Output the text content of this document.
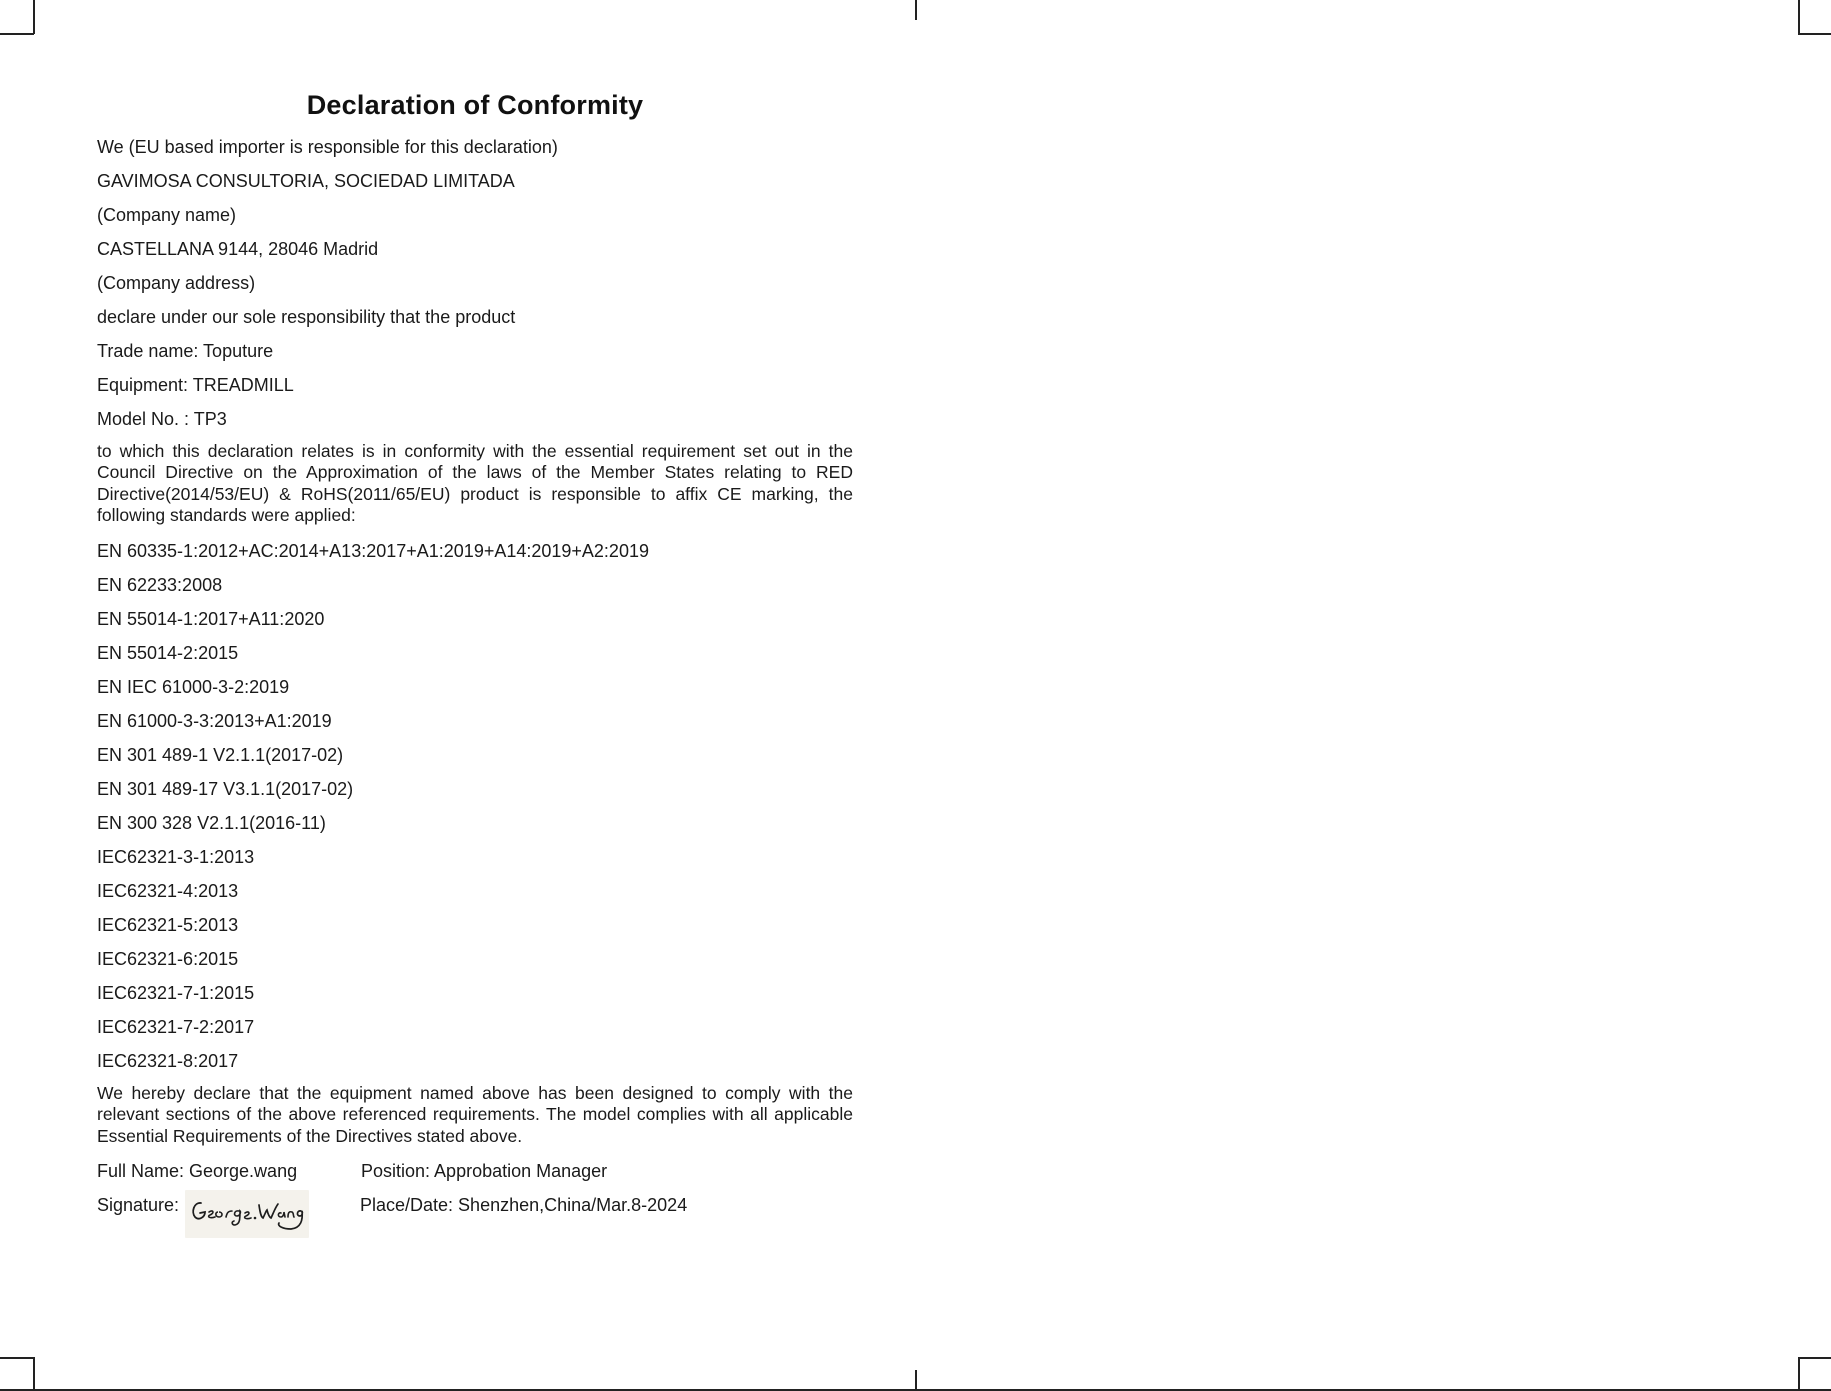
Declaration of Conformity

We (EU based importer is responsible for this declaration)

GAVIMOSA CONSULTORIA, SOCIEDAD LIMITADA

(Company name)

CASTELLANA 9144, 28046 Madrid

(Company address)

declare under our sole responsibility that the product

Trade name: Toputure

Equipment: TREADMILL

Model No. : TP3

to which this declaration relates is in conformity with the essential requirement set out in the Council Directive on the Approximation of the laws of the Member States relating to RED Directive(2014/53/EU) & RoHS(2011/65/EU) product is responsible to affix CE marking, the following standards were applied:

EN 60335-1:2012+AC:2014+A13:2017+A1:2019+A14:2019+A2:2019

EN 62233:2008

EN 55014-1:2017+A11:2020

EN 55014-2:2015

EN IEC 61000-3-2:2019

EN 61000-3-3:2013+A1:2019

EN 301 489-1 V2.1.1(2017-02)

EN 301 489-17 V3.1.1(2017-02)

EN 300 328 V2.1.1(2016-11)

IEC62321-3-1:2013

IEC62321-4:2013

IEC62321-5:2013

IEC62321-6:2015

IEC62321-7-1:2015

IEC62321-7-2:2017

IEC62321-8:2017

We hereby declare that the equipment named above has been designed to comply with the relevant sections of the above referenced requirements. The model complies with all applicable Essential Requirements of the Directives stated above.

Full Name: George.wang	Position: Approbation Manager

Signature:	Place/Date: Shenzhen,China/Mar.8-2024
